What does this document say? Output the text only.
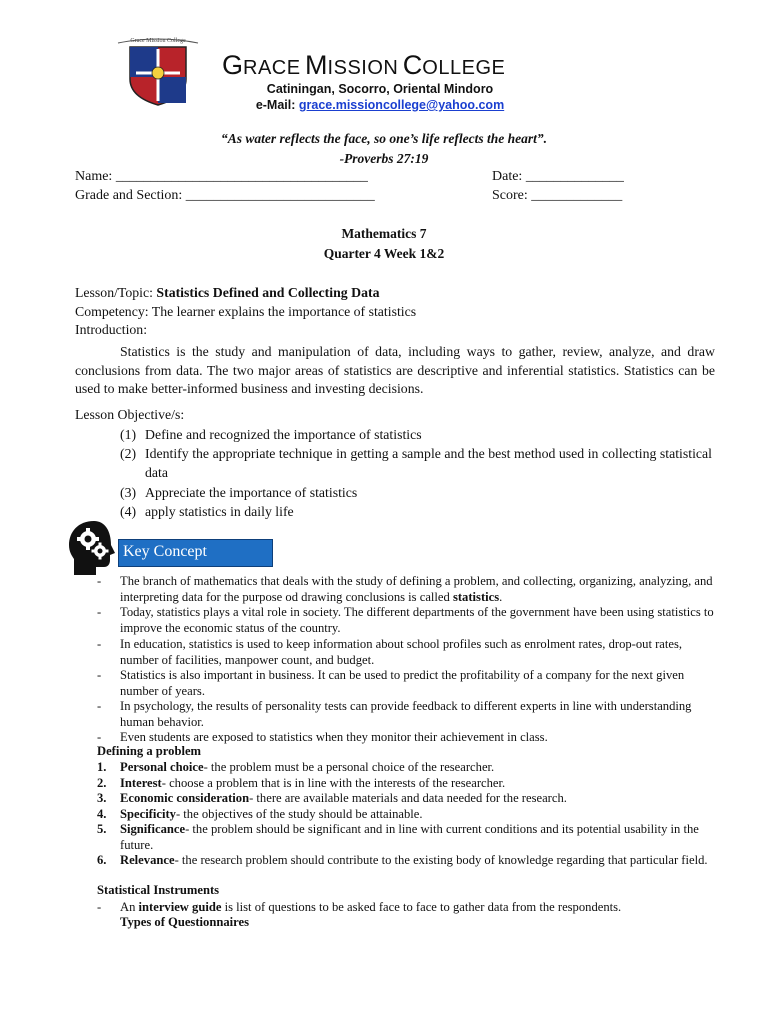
Grace Mission College
GRACE MISSION COLLEGE
Catiningan, Socorro, Oriental Mindoro
e-Mail: grace.missioncollege@yahoo.com
“As water reflects the face, so one’s life reflects the heart”.
-Proverbs 27:19
Name: ____________________________________	Date: ______________
Grade and Section: ___________________________	Score: _____________
Mathematics 7
Quarter 4 Week 1&2
Lesson/Topic: Statistics Defined and Collecting Data
Competency: The learner explains the importance of statistics
Introduction:
Statistics is the study and manipulation of data, including ways to gather, review, analyze, and draw conclusions from data. The two major areas of statistics are descriptive and inferential statistics. Statistics can be used to make better-informed business and investing decisions.
Lesson Objective/s:
(1) Define and recognized the importance of statistics
(2) Identify the appropriate technique in getting a sample and the best method used in collecting statistical data
(3) Appreciate the importance of statistics
(4) apply statistics in daily life
Key Concept
- The branch of mathematics that deals with the study of defining a problem, and collecting, organizing, analyzing, and interpreting data for the purpose od drawing conclusions is called statistics.
- Today, statistics plays a vital role in society. The different departments of the government have been using statistics to improve the economic status of the country.
- In education, statistics is used to keep information about school profiles such as enrolment rates, drop-out rates, number of facilities, manpower count, and budget.
- Statistics is also important in business. It can be used to predict the profitability of a company for the next given number of years.
- In psychology, the results of personality tests can provide feedback to different experts in line with understanding human behavior.
- Even students are exposed to statistics when they monitor their achievement in class.
Defining a problem
1. Personal choice- the problem must be a personal choice of the researcher.
2. Interest- choose a problem that is in line with the interests of the researcher.
3. Economic consideration- there are available materials and data needed for the research.
4. Specificity- the objectives of the study should be attainable.
5. Significance- the problem should be significant and in line with current conditions and its potential usability in the future.
6. Relevance- the research problem should contribute to the existing body of knowledge regarding that particular field.
Statistical Instruments
- An interview guide is list of questions to be asked face to face to gather data from the respondents.
Types of Questionnaires
